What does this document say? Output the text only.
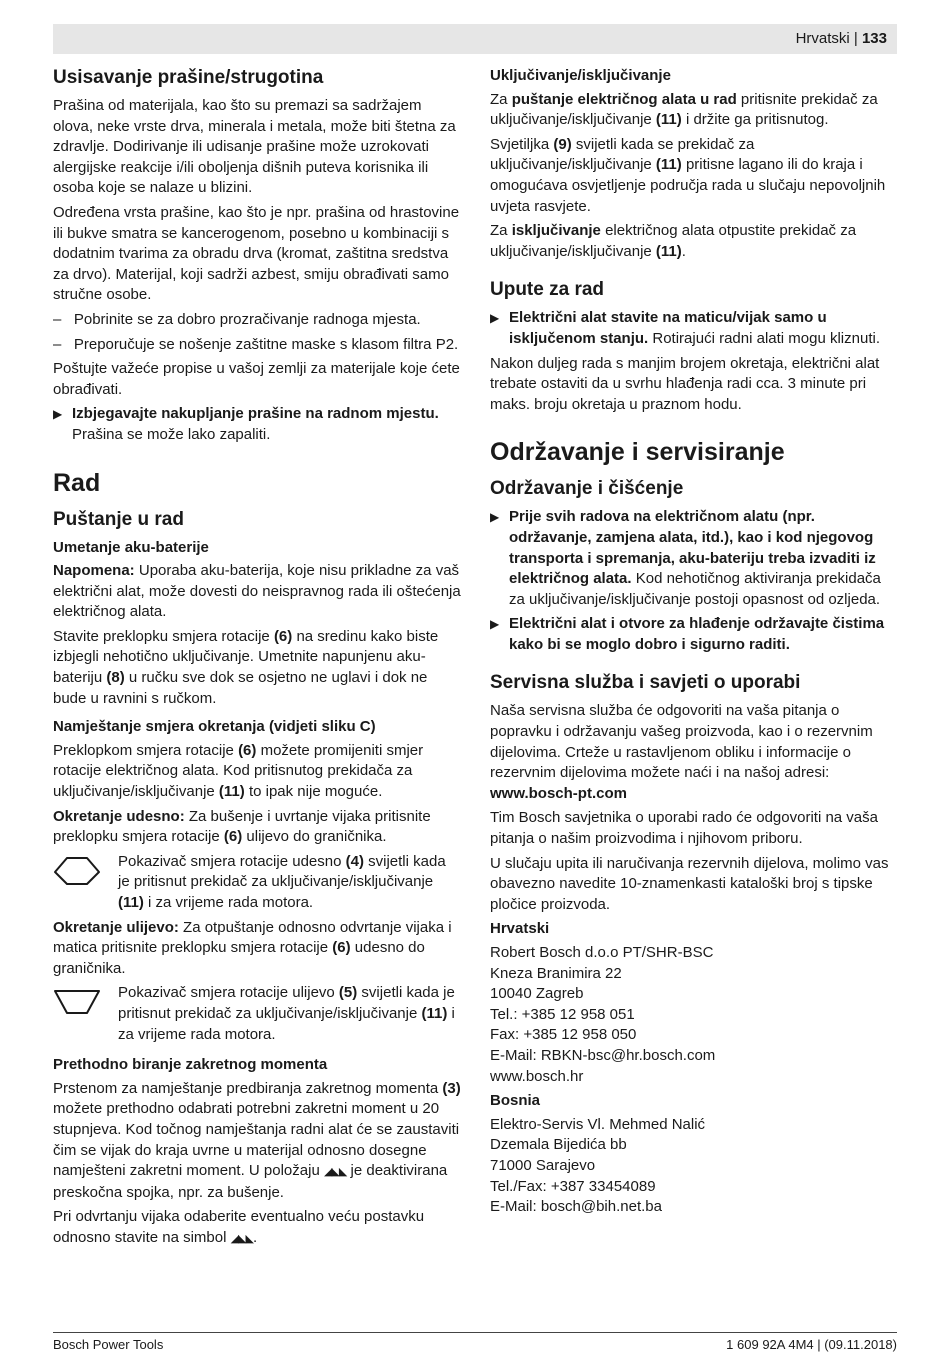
Hrvatski | 133
Usisavanje prašine/strugotina

Prašina od materijala, kao što su premazi sa sadržajem olova, neke vrste drva, minerala i metala, može biti štetna za zdravlje. Dodirivanje ili udisanje prašine može uzrokovati alergijske reakcije i/ili oboljenja dišnih puteva korisnika ili osoba koje se nalaze u blizini.

Određena vrsta prašine, kao što je npr. prašina od hrastovine ili bukve smatra se kancerogenom, posebno u kombinaciji s dodatnim tvarima za obradu drva (kromat, zaštitna sredstva za drvo). Materijal, koji sadrži azbest, smiju obrađivati samo stručne osobe.

– Pobrinite se za dobro prozračivanje radnoga mjesta.

– Preporučuje se nošenje zaštitne maske s klasom filtra P2.

Poštujte važeće propise u vašoj zemlji za materijale koje ćete obrađivati.

▶ Izbjegavajte nakupljanje prašine na radnom mjestu.
Prašina se može lako zapaliti.

Rad
Puštanje u rad
Umetanje aku-baterije

Napomena: Uporaba aku-baterija, koje nisu prikladne za vaš električni alat, može dovesti do neispravnog rada ili oštećenja električnog alata.

Stavite preklopku smjera rotacije (6) na sredinu kako biste izbjegli nehotično uključivanje. Umetnite napunjenu aku-bateriju (8) u ručku sve dok se osjetno ne uglavi i dok ne bude u ravnini s ručkom.

Namještanje smjera okretanja (vidjeti sliku C)

Preklopkom smjera rotacije (6) možete promijeniti smjer rotacije električnog alata. Kod pritisnutog prekidača za uključivanje/isključivanje (11) to ipak nije moguće.

Okretanje udesno: Za bušenje i uvrtanje vijaka pritisnite preklopku smjera rotacije (6) ulijevo do graničnika.

Pokazivač smjera rotacije udesno (4) svijetli kada je pritisnut prekidač za uključivanje/isključivanje (11) i za vrijeme rada motora.

Okretanje ulijevo: Za otpuštanje odnosno odvrtanje vijaka i matica pritisnite preklopku smjera rotacije (6) udesno do graničnika.

Pokazivač smjera rotacije ulijevo (5) svijetli kada je pritisnut prekidač za uključivanje/isključivanje (11) i za vrijeme rada motora.
Prethodno biranje zakretnog momenta

Prstenom za namještanje predbiranja zakretnog momenta (3) možete prethodno odabrati potrebni zakretni moment u 20 stupnjeva. Kod točnog namještanja radni alat će se zaustaviti čim se vijak do kraja uvrne u materijal odnosno dosegne namješteni zakretni moment. U položaju ◢◣◣ je deaktivirana preskočna spojka, npr. za bušenje.

Pri odvrtanju vijaka odaberite eventualno veću postavku odnosno stavite na simbol ◢◣◣.

Uključivanje/isključivanje

Za puštanje električnog alata u rad pritisnite prekidač za uključivanje/isključivanje (11) i držite ga pritisnutog.

Svjetiljka (9) svijetli kada se prekidač za uključivanje/isključivanje (11) pritisne lagano ili do kraja i omogućava osvjetljenje područja rada u slučaju nepovoljnih uvjeta rasvjete.

Za isključivanje električnog alata otpustite prekidač za uključivanje/isključivanje (11).

Upute za rad

▶ Električni alat stavite na maticu/vijak samo u isključenom stanju. Rotirajući radni alati mogu kliznuti.

Nakon duljeg rada s manjim brojem okretaja, električni alat trebate ostaviti da u svrhu hlađenja radi cca. 3 minute pri maks. broju okretaja u praznom hodu.

Održavanje i servisiranje
Održavanje i čišćenje

▶ Prije svih radova na električnom alatu (npr. održavanje, zamjena alata, itd.), kao i kod njegovog transporta i spremanja, aku-bateriju treba izvaditi iz električnog alata. Kod nehotičnog aktiviranja prekidača za uključivanje/isključivanje postoji opasnost od ozljeda.

▶ Električni alat i otvore za hlađenje održavajte čistima kako bi se moglo dobro i sigurno raditi.

Servisna služba i savjeti o uporabi

Naša servisna služba će odgovoriti na vaša pitanja o popravku i održavanju vašeg proizvoda, kao i o rezervnim dijelovima. Crteže u rastavljenom obliku i informacije o rezervnim dijelovima možete naći i na našoj adresi:

www.bosch-pt.com

Tim Bosch savjetnika o uporabi rado će odgovoriti na vaša pitanja o našim proizvodima i njihovom priboru.

U slučaju upita ili naručivanja rezervnih dijelova, molimo vas obavezno navedite 10-znamenkasti kataloški broj s tipske pločice proizvoda.

Hrvatski
Robert Bosch d.o.o PT/SHR-BSC
Kneza Branimira 22
10040 Zagreb
Tel.: +385 12 958 051
Fax: +385 12 958 050
E-Mail: RBKN-bsc@hr.bosch.com
www.bosch.hr
Bosnia
Elektro-Servis Vl. Mehmed Nalić
Dzemala Bijedića bb
71000 Sarajevo
Tel./Fax: +387 33454089
E-Mail: bosch@bih.net.ba
Bosch Power Tools	1 609 92A 4M4 | (09.11.2018)
